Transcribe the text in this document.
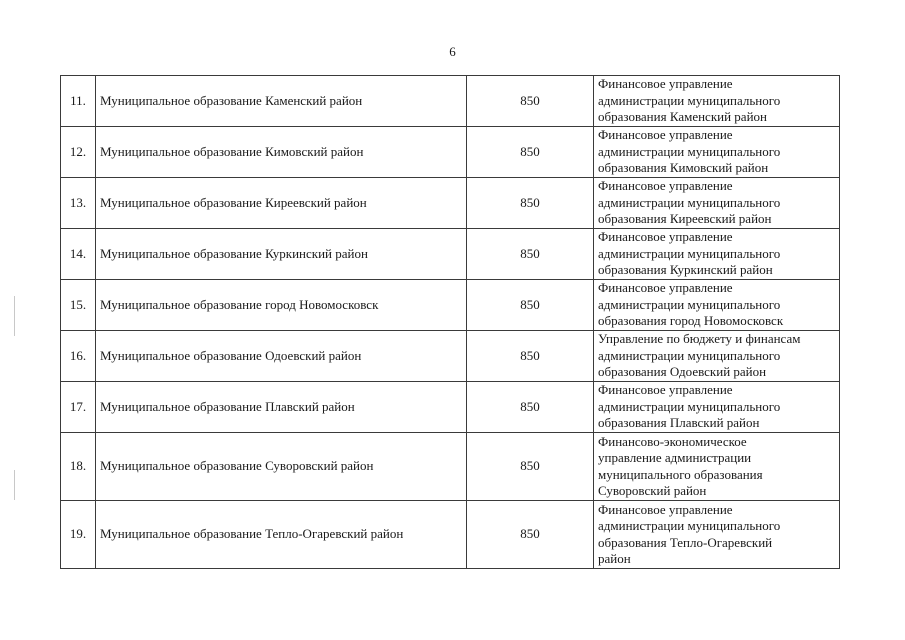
6
11.	Муниципальное образование Каменский район	850	Финансовое управление
администрации муниципального
образования Каменский район

12.	Муниципальное образование Кимовский район	850	Финансовое управление
администрации муниципального
образования Кимовский район

13.	Муниципальное образование Киреевский район	850	Финансовое управление
администрации муниципального
образования Киреевский район

14.	Муниципальное образование Куркинский район	850	Финансовое управление
администрации муниципального
образования Куркинский район

15.	Муниципальное образование город Новомосковск	850	Финансовое управление
администрации муниципального
образования город Новомосковск

16.	Муниципальное образование Одоевский район	850	Управление по бюджету и финансам
администрации муниципального
образования Одоевский район

17.	Муниципальное образование Плавский район	850	Финансовое управление
администрации муниципального
образования Плавский район

18.	Муниципальное образование Суворовский район	850	Финансово-экономическое
управление администрации
муниципального образования
Суворовский район

19.	Муниципальное образование Тепло-Огаревский район	850	Финансовое управление
администрации муниципального
образования Тепло-Огаревский
район
